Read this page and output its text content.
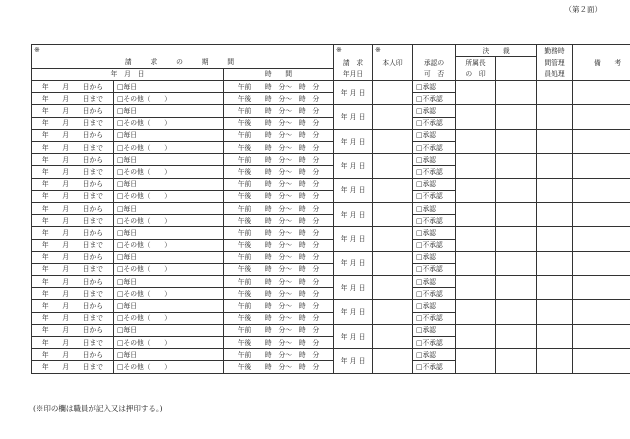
（第２面）
※			※	※		決　　裁		勤務時	
請　求　の　期　間			請　求	本人印	承認の	所属長		間管理	備　　考
年　月　日		時　　間	年月日		可　否	の　印		員処理	
年　　月　　日から	□毎日	午前　　時　分～　時　分	年 月 日		□承認				
年　　月　　日まで	□その他（　　）	午後　　時　分～　時　分			□不承認				
年　　月　　日から	□毎日	午前　　時　分～　時　分	年 月 日		□承認				
年　　月　　日まで	□その他（　　）	午後　　時　分～　時　分			□不承認				
年　　月　　日から	□毎日	午前　　時　分～　時　分	年 月 日		□承認				
年　　月　　日まで	□その他（　　）	午後　　時　分～　時　分			□不承認				
年　　月　　日から	□毎日	午前　　時　分～　時　分	年 月 日		□承認				
年　　月　　日まで	□その他（　　）	午後　　時　分～　時　分			□不承認				
年　　月　　日から	□毎日	午前　　時　分～　時　分	年 月 日		□承認				
年　　月　　日まで	□その他（　　）	午後　　時　分～　時　分			□不承認				
年　　月　　日から	□毎日	午前　　時　分～　時　分	年 月 日		□承認				
年　　月　　日まで	□その他（　　）	午後　　時　分～　時　分			□不承認				
年　　月　　日から	□毎日	午前　　時　分～　時　分	年 月 日		□承認				
年　　月　　日まで	□その他（　　）	午後　　時　分～　時　分			□不承認				
年　　月　　日から	□毎日	午前　　時　分～　時　分	年 月 日		□承認				
年　　月　　日まで	□その他（　　）	午後　　時　分～　時　分			□不承認				
年　　月　　日から	□毎日	午前　　時　分～　時　分	年 月 日		□承認				
年　　月　　日まで	□その他（　　）	午後　　時　分～　時　分			□不承認				
年　　月　　日から	□毎日	午前　　時　分～　時　分	年 月 日		□承認				
年　　月　　日まで	□その他（　　）	午後　　時　分～　時　分			□不承認				
年　　月　　日から	□毎日	午前　　時　分～　時　分	年 月 日		□承認				
年　　月　　日まで	□その他（　　）	午後　　時　分～　時　分			□不承認				
年　　月　　日から	□毎日	午前　　時　分～　時　分	年 月 日		□承認				
年　　月　　日まで	□その他（　　）	午後　　時　分～　時　分			□不承認				
(※印の欄は職員が記入又は押印する。)
